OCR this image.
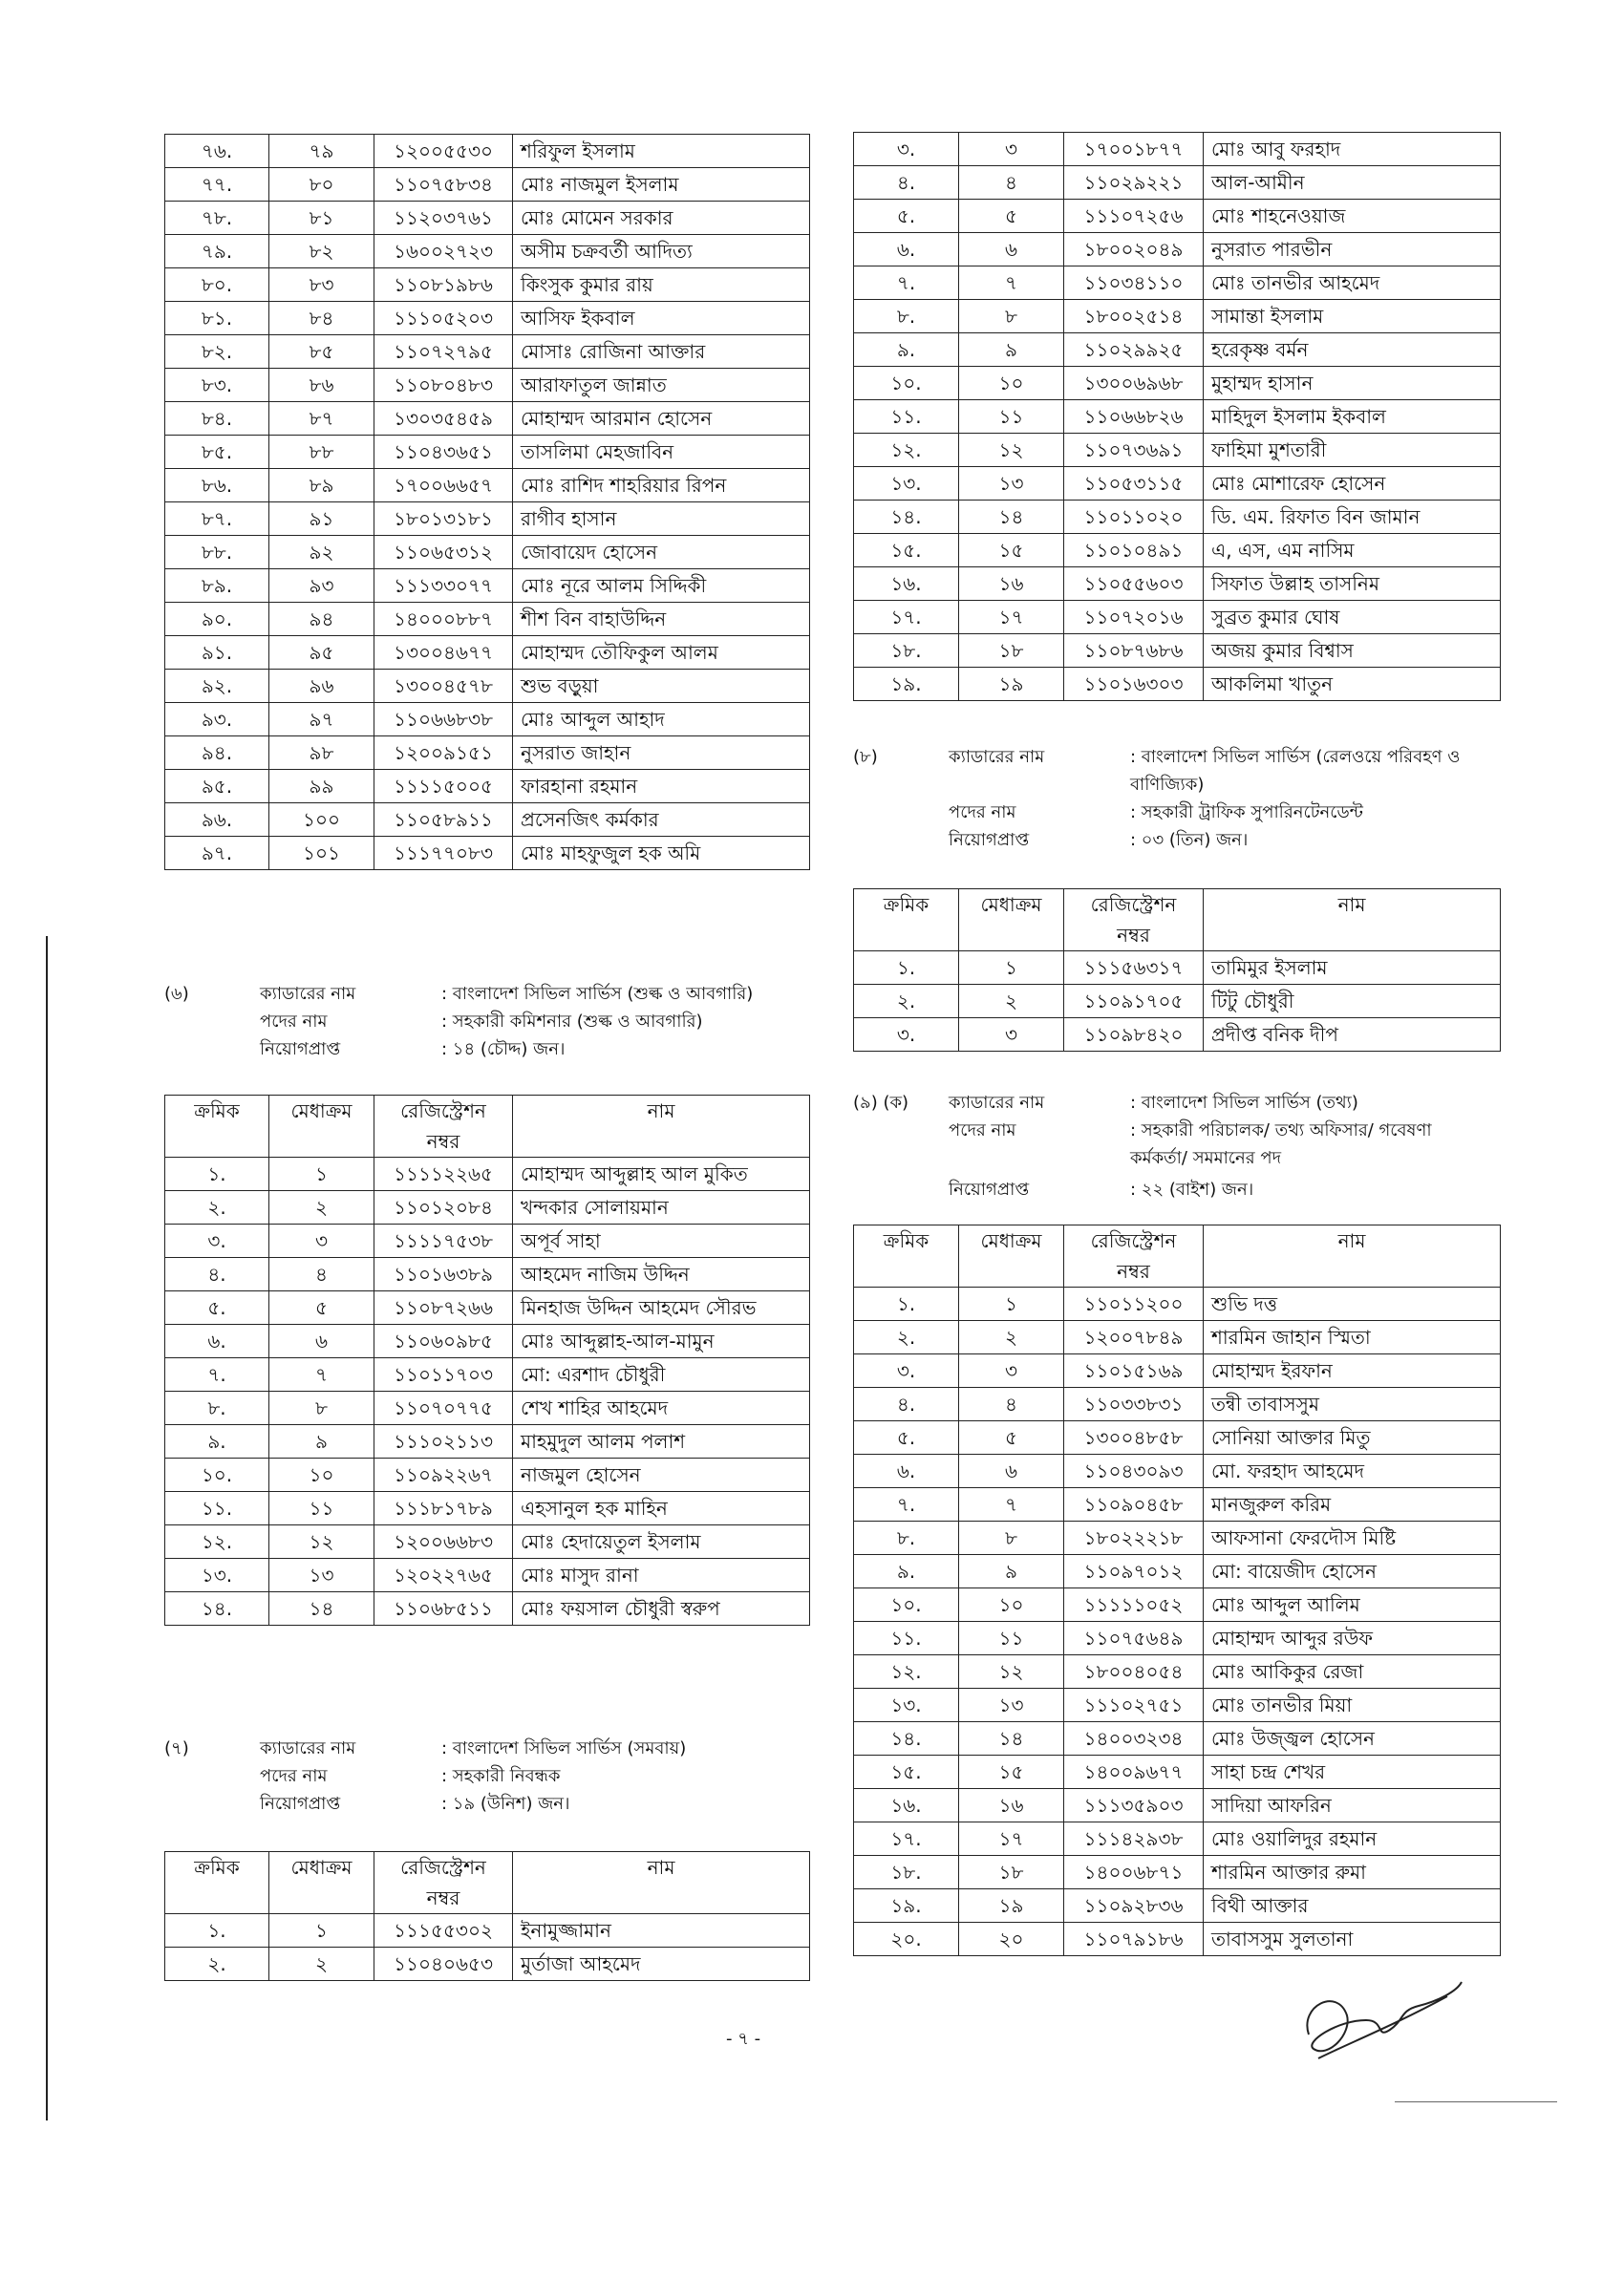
৭৬.	৭৯	১২০০৫৫৩০	শরিফুল ইসলাম
৭৭.	৮০	১১০৭৫৮৩৪	মোঃ নাজমুল ইসলাম
৭৮.	৮১	১১২০৩৭৬১	মোঃ মোমেন সরকার
৭৯.	৮২	১৬০০২৭২৩	অসীম চক্রবর্তী আদিত্য
৮০.	৮৩	১১০৮১৯৮৬	কিংসুক কুমার রায়
৮১.	৮৪	১১১০৫২০৩	আসিফ ইকবাল
৮২.	৮৫	১১০৭২৭৯৫	মোসাঃ রোজিনা আক্তার
৮৩.	৮৬	১১০৮০৪৮৩	আরাফাতুল জান্নাত
৮৪.	৮৭	১৩০৩৫৪৫৯	মোহাম্মদ আরমান হোসেন
৮৫.	৮৮	১১০৪৩৬৫১	তাসলিমা মেহজাবিন
৮৬.	৮৯	১৭০০৬৬৫৭	মোঃ রাশিদ শাহরিয়ার রিপন
৮৭.	৯১	১৮০১৩১৮১	রাগীব হাসান
৮৮.	৯২	১১০৬৫৩১২	জোবায়েদ হোসেন
৮৯.	৯৩	১১১৩৩০৭৭	মোঃ নূরে আলম সিদ্দিকী
৯০.	৯৪	১৪০০০৮৮৭	শীশ বিন বাহাউদ্দিন
৯১.	৯৫	১৩০০৪৬৭৭	মোহাম্মদ তৌফিকুল আলম
৯২.	৯৬	১৩০০৪৫৭৮	শুভ বড়ুয়া
৯৩.	৯৭	১১০৬৬৮৩৮	মোঃ আব্দুল আহাদ
৯৪.	৯৮	১২০০৯১৫১	নুসরাত জাহান
৯৫.	৯৯	১১১১৫০০৫	ফারহানা রহমান
৯৬.	১০০	১১০৫৮৯১১	প্রসেনজিৎ কর্মকার
৯৭.	১০১	১১১৭৭০৮৩	মোঃ মাহফুজুল হক অমি
(৬)	ক্যাডারের নাম	: বাংলাদেশ সিভিল সার্ভিস (শুল্ক ও আবগারি)
পদের নাম	: সহকারী কমিশনার (শুল্ক ও আবগারি)
নিয়োগপ্রাপ্ত	: ১৪ (চৌদ্দ) জন।
ক্রমিক	মেধাক্রম	রেজিস্ট্রেশন নম্বর	নাম
১.	১	১১১১২২৬৫	মোহাম্মদ আব্দুল্লাহ আল মুকিত
২.	২	১১০১২০৮৪	খন্দকার সোলায়মান
৩.	৩	১১১১৭৫৩৮	অপূর্ব সাহা
৪.	৪	১১০১৬৩৮৯	আহমেদ নাজিম উদ্দিন
৫.	৫	১১০৮৭২৬৬	মিনহাজ উদ্দিন আহমেদ সৌরভ
৬.	৬	১১০৬০৯৮৫	মোঃ আব্দুল্লাহ-আল-মামুন
৭.	৭	১১০১১৭০৩	মো: এরশাদ চৌধুরী
৮.	৮	১১০৭০৭৭৫	শেখ শাহির আহমেদ
৯.	৯	১১১০২১১৩	মাহমুদুল আলম পলাশ
১০.	১০	১১০৯২২৬৭	নাজমুল হোসেন
১১.	১১	১১১৮১৭৮৯	এহসানুল হক মাহিন
১২.	১২	১২০০৬৬৮৩	মোঃ হেদায়েতুল ইসলাম
১৩.	১৩	১২০২২৭৬৫	মোঃ মাসুদ রানা
১৪.	১৪	১১০৬৮৫১১	মোঃ ফয়সাল চৌধুরী স্বরুপ
(৭)	ক্যাডারের নাম	: বাংলাদেশ সিভিল সার্ভিস (সমবায়)
পদের নাম	: সহকারী নিবন্ধক
নিয়োগপ্রাপ্ত	: ১৯ (উনিশ) জন।
ক্রমিক	মেধাক্রম	রেজিস্ট্রেশন নম্বর	নাম
১.	১	১১১৫৫৩০২	ইনামুজ্জামান
২.	২	১১০৪০৬৫৩	মুর্তাজা আহমেদ
৩.	৩	১৭০০১৮৭৭	মোঃ আবু ফরহাদ
৪.	৪	১১০২৯২২১	আল-আমীন
৫.	৫	১১১০৭২৫৬	মোঃ শাহনেওয়াজ
৬.	৬	১৮০০২০৪৯	নুসরাত পারভীন
৭.	৭	১১০৩৪১১০	মোঃ তানভীর আহমেদ
৮.	৮	১৮০০২৫১৪	সামান্তা ইসলাম
৯.	৯	১১০২৯৯২৫	হরেকৃষ্ণ বর্মন
১০.	১০	১৩০০৬৯৬৮	মুহাম্মদ হাসান
১১.	১১	১১০৬৬৮২৬	মাহিদুল ইসলাম ইকবাল
১২.	১২	১১০৭৩৬৯১	ফাহিমা মুশতারী
১৩.	১৩	১১০৫৩১১৫	মোঃ মোশারেফ হোসেন
১৪.	১৪	১১০১১০২০	ডি. এম. রিফাত বিন জামান
১৫.	১৫	১১০১০৪৯১	এ, এস, এম নাসিম
১৬.	১৬	১১০৫৫৬০৩	সিফাত উল্লাহ তাসনিম
১৭.	১৭	১১০৭২০১৬	সুব্রত কুমার ঘোষ
১৮.	১৮	১১০৮৭৬৮৬	অজয় কুমার বিশ্বাস
১৯.	১৯	১১০১৬৩০৩	আকলিমা খাতুন
(৮)	ক্যাডারের নাম	: বাংলাদেশ সিভিল সার্ভিস (রেলওয়ে পরিবহণ ও বাণিজ্যিক)
পদের নাম	: সহকারী ট্রাফিক সুপারিনটেনডেন্ট
নিয়োগপ্রাপ্ত	: ০৩ (তিন) জন।
ক্রমিক	মেধাক্রম	রেজিস্ট্রেশন নম্বর	নাম
১.	১	১১১৫৬৩১৭	তামিমুর ইসলাম
২.	২	১১০৯১৭০৫	টিটু চৌধুরী
৩.	৩	১১০৯৮৪২০	প্রদীপ্ত বনিক দীপ
(৯) (ক) ক্যাডারের নাম	: বাংলাদেশ সিভিল সার্ভিস (তথ্য)
পদের নাম	: সহকারী পরিচালক/ তথ্য অফিসার/ গবেষণা কর্মকর্তা/ সমমানের পদ
নিয়োগপ্রাপ্ত	: ২২ (বাইশ) জন।
ক্রমিক	মেধাক্রম	রেজিস্ট্রেশন নম্বর	নাম
১.	১	১১০১১২০০	শুভি দত্ত
২.	২	১২০০৭৮৪৯	শারমিন জাহান স্মিতা
৩.	৩	১১০১৫১৬৯	মোহাম্মদ ইরফান
৪.	৪	১১০৩৩৮৩১	তন্বী তাবাসসুম
৫.	৫	১৩০০৪৮৫৮	সোনিয়া আক্তার মিতু
৬.	৬	১১০৪৩০৯৩	মো. ফরহাদ আহমেদ
৭.	৭	১১০৯০৪৫৮	মানজুরুল করিম
৮.	৮	১৮০২২২১৮	আফসানা ফেরদৌস মিষ্টি
৯.	৯	১১০৯৭০১২	মো: বায়েজীদ হোসেন
১০.	১০	১১১১১০৫২	মোঃ আব্দুল আলিম
১১.	১১	১১০৭৫৬৪৯	মোহাম্মদ আব্দুর রউফ
১২.	১২	১৮০০৪০৫৪	মোঃ আকিকুর রেজা
১৩.	১৩	১১১০২৭৫১	মোঃ তানভীর মিয়া
১৪.	১৪	১৪০০৩২৩৪	মোঃ উজ্জ্বল হোসেন
১৫.	১৫	১৪০০৯৬৭৭	সাহা চন্দ্র শেখর
১৬.	১৬	১১১৩৫৯০৩	সাদিয়া আফরিন
১৭.	১৭	১১১৪২৯৩৮	মোঃ ওয়ালিদুর রহমান
১৮.	১৮	১৪০০৬৮৭১	শারমিন আক্তার রুমা
১৯.	১৯	১১০৯২৮৩৬	বিথী আক্তার
২০.	২০	১১০৭৯১৮৬	তাবাসসুম সুলতানা
- ৭ -
